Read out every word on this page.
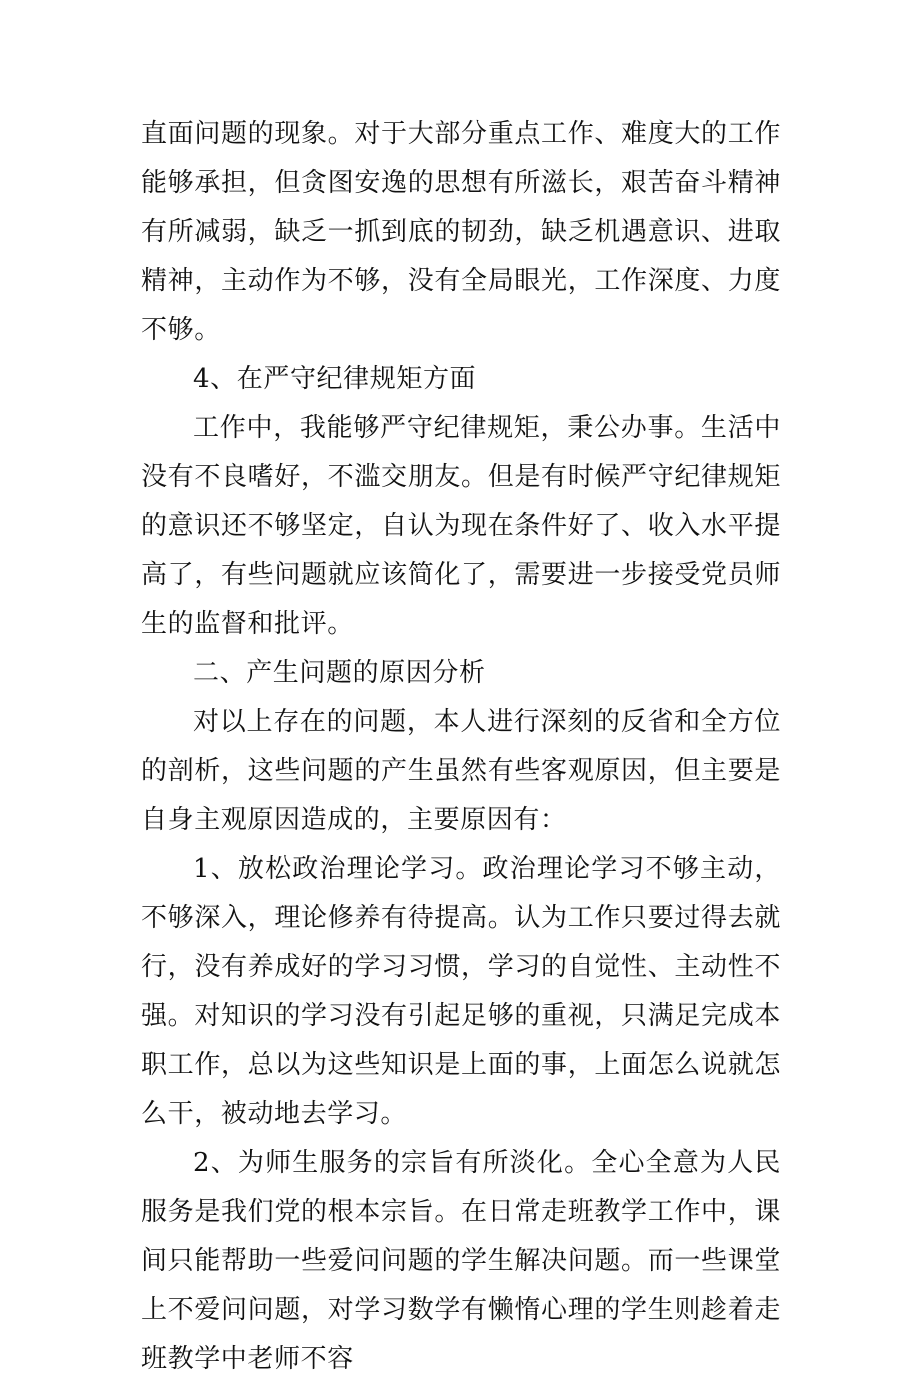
直面问题的现象。对于大部分重点工作、难度大的工作能够承担，但贪图安逸的思想有所滋长，艰苦奋斗精神有所减弱，缺乏一抓到底的韧劲，缺乏机遇意识、进取精神，主动作为不够，没有全局眼光，工作深度、力度不够。

4、在严守纪律规矩方面

工作中，我能够严守纪律规矩，秉公办事。生活中没有不良嗜好，不滥交朋友。但是有时候严守纪律规矩的意识还不够坚定，自认为现在条件好了、收入水平提高了，有些问题就应该简化了，需要进一步接受党员师生的监督和批评。

二、产生问题的原因分析

对以上存在的问题，本人进行深刻的反省和全方位的剖析，这些问题的产生虽然有些客观原因，但主要是自身主观原因造成的，主要原因有：

1、放松政治理论学习。政治理论学习不够主动，不够深入，理论修养有待提高。认为工作只要过得去就行，没有养成好的学习习惯，学习的自觉性、主动性不强。对知识的学习没有引起足够的重视，只满足完成本职工作，总以为这些知识是上面的事，上面怎么说就怎么干，被动地去学习。

2、为师生服务的宗旨有所淡化。全心全意为人民服务是我们党的根本宗旨。在日常走班教学工作中，课间只能帮助一些爱问问题的学生解决问题。而一些课堂上不爱问问题，对学习数学有懒惰心理的学生则趁着走班教学中老师不容
